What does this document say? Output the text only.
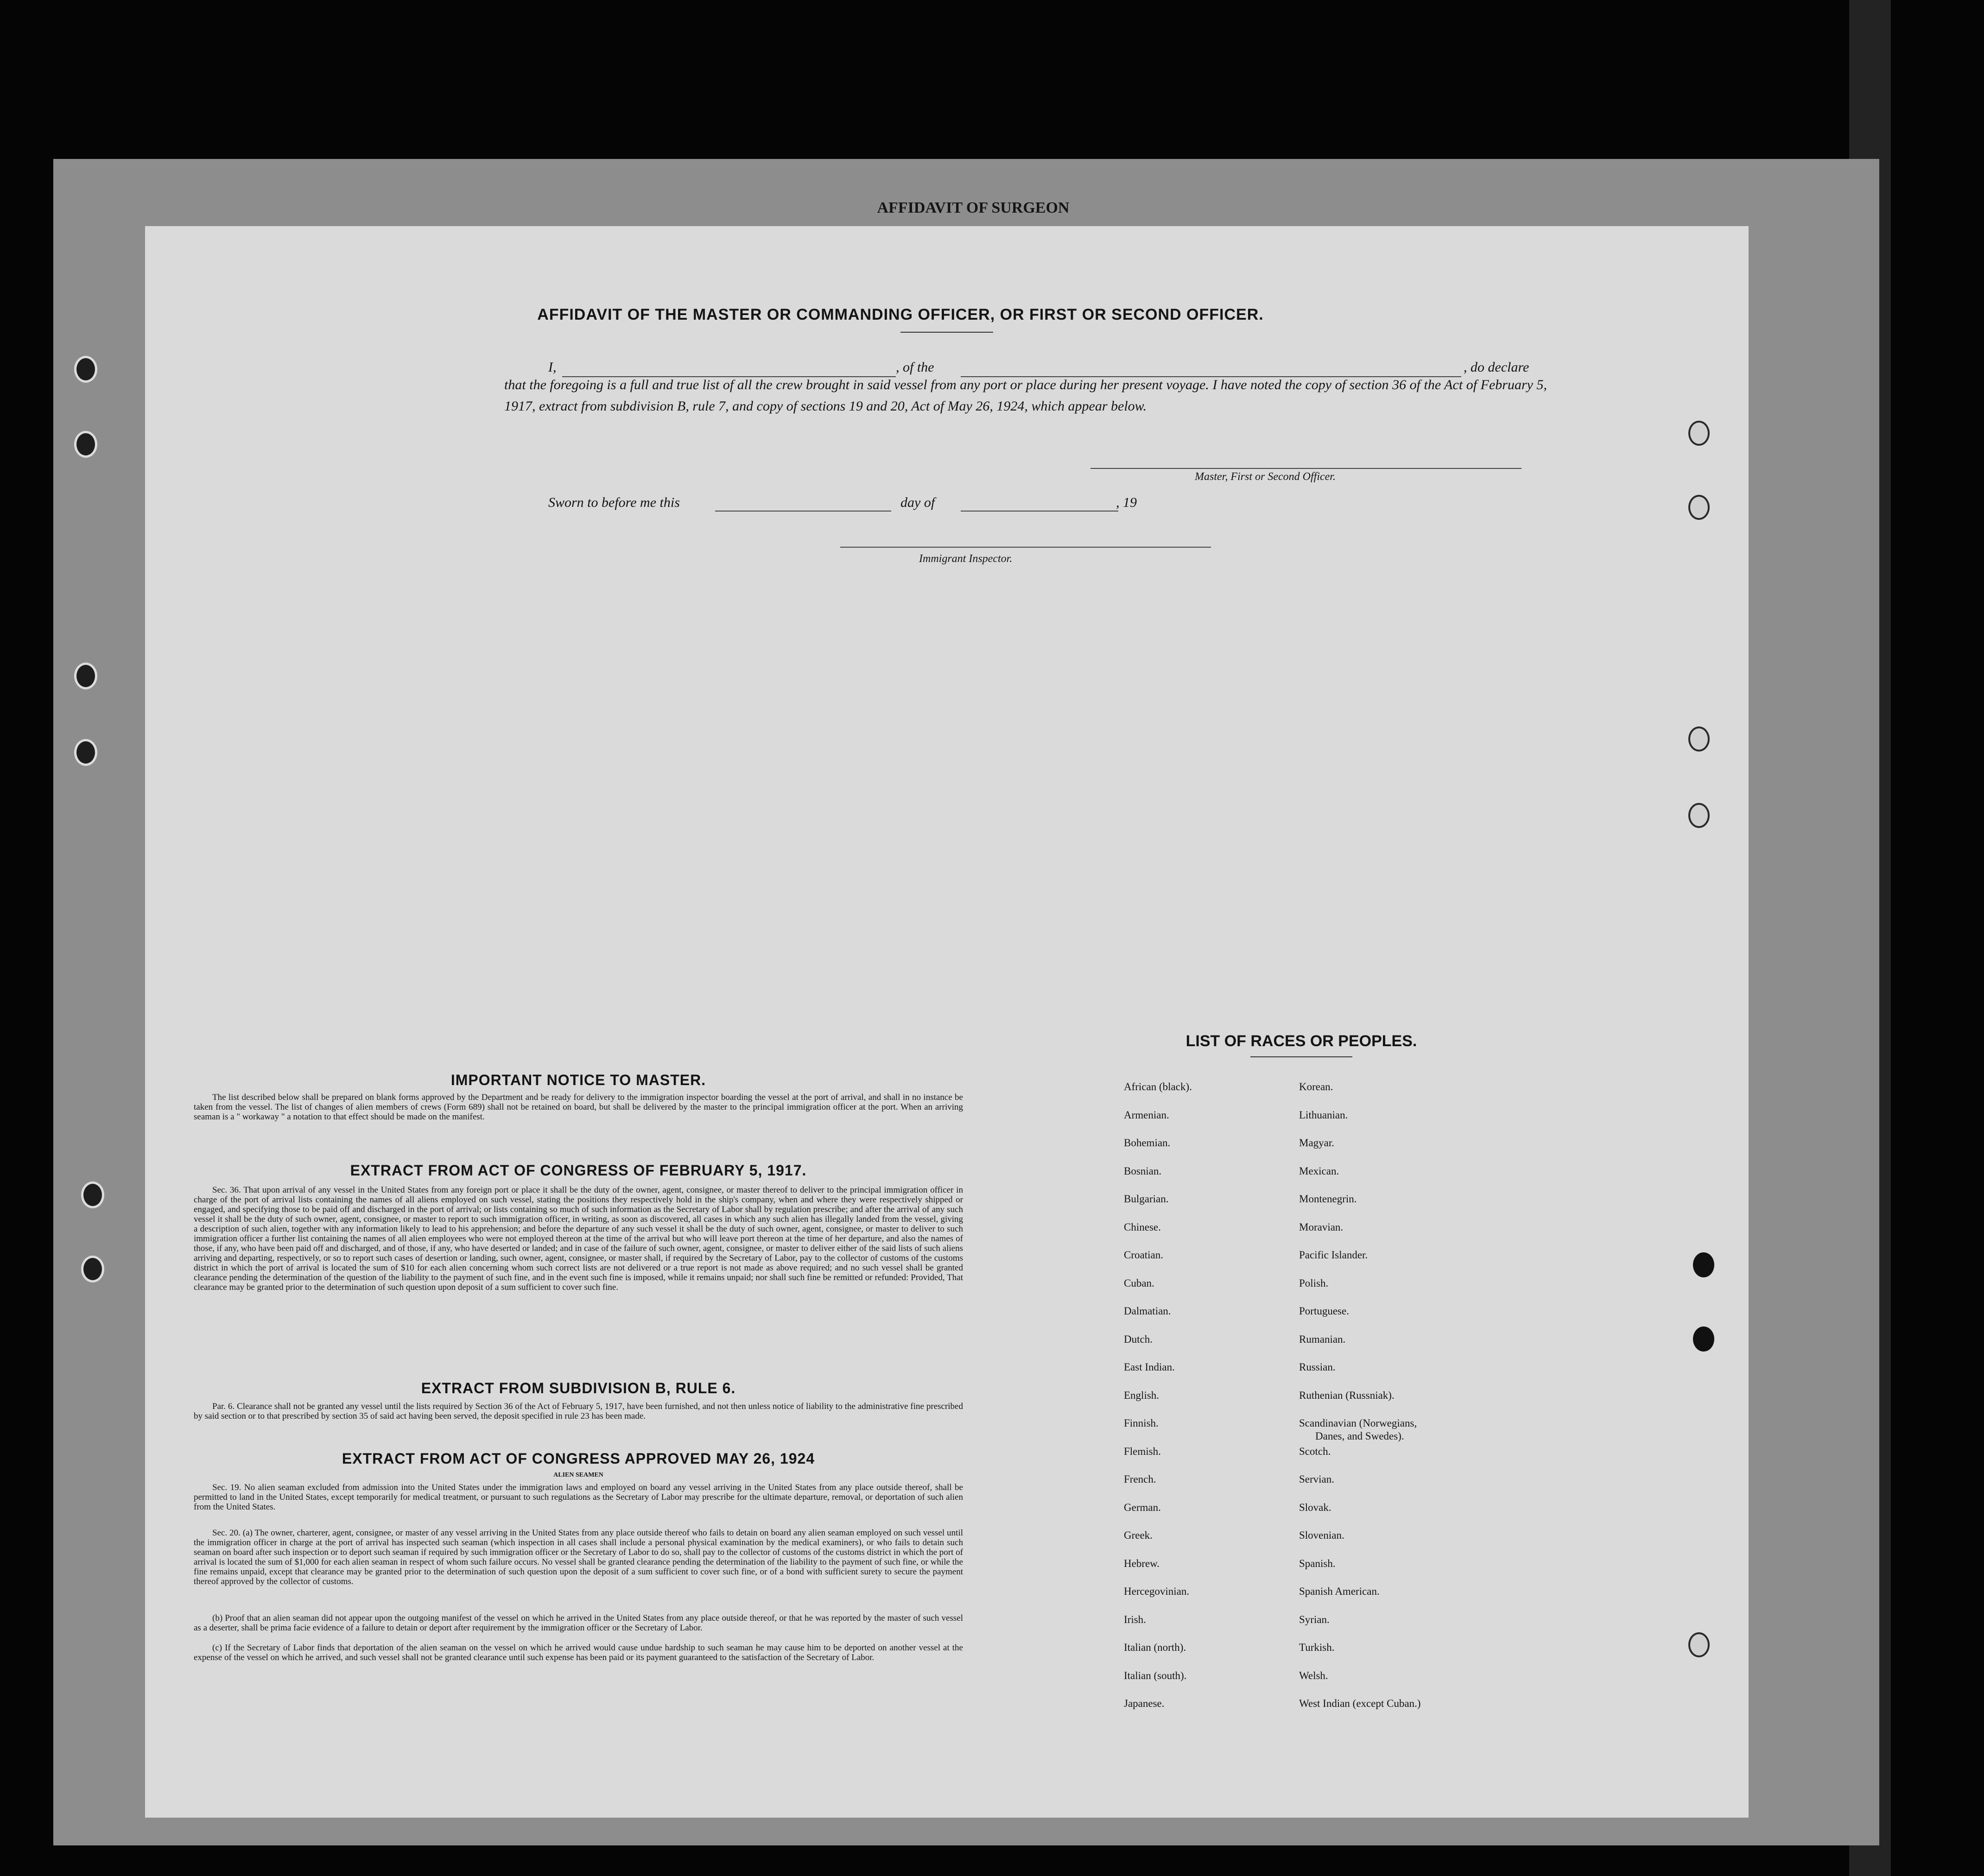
AFFIDAVIT OF SURGEON

AFFIDAVIT OF THE MASTER OR COMMANDING OFFICER, OR FIRST OR SECOND OFFICER.
I,	, of the	, do declare
that the foregoing is a full and true list of all the crew brought in said vessel from any port or place during her present voyage. I have noted the copy of section 36 of the Act of February 5, 1917, extract from subdivision B, rule 7, and copy of sections 19 and 20, Act of May 26, 1924, which appear below.
Master, First or Second Officer.
Sworn to before me this	day of	, 19
Immigrant Inspector.
IMPORTANT NOTICE TO MASTER.
The list described below shall be prepared on blank forms approved by the Department and be ready for delivery to the immigration inspector boarding the vessel at the port of arrival, and shall in no instance be taken from the vessel. The list of changes of alien members of crews (Form 689) shall not be retained on board, but shall be delivered by the master to the principal immigration officer at the port. When an arriving seaman is a " workaway " a notation to that effect should be made on the manifest.
EXTRACT FROM ACT OF CONGRESS OF FEBRUARY 5, 1917.
Sec. 36. That upon arrival of any vessel in the United States from any foreign port or place it shall be the duty of the owner, agent, consignee, or master thereof to deliver to the principal immigration officer in charge of the port of arrival lists containing the names of all aliens employed on such vessel, stating the positions they respectively hold in the ship's company, when and where they were respectively shipped or engaged, and specifying those to be paid off and discharged in the port of arrival; or lists containing so much of such information as the Secretary of Labor shall by regulation prescribe; and after the arrival of any such vessel it shall be the duty of such owner, agent, consignee, or master to report to such immigration officer, in writing, as soon as discovered, all cases in which any such alien has illegally landed from the vessel, giving a description of such alien, together with any information likely to lead to his apprehension; and before the departure of any such vessel it shall be the duty of such owner, agent, consignee, or master to deliver to such immigration officer a further list containing the names of all alien employees who were not employed thereon at the time of the arrival but who will leave port thereon at the time of her departure, and also the names of those, if any, who have been paid off and discharged, and of those, if any, who have deserted or landed; and in case of the failure of such owner, agent, consignee, or master to deliver either of the said lists of such aliens arriving and departing, respectively, or so to report such cases of desertion or landing, such owner, agent, consignee, or master shall, if required by the Secretary of Labor, pay to the collector of customs of the customs district in which the port of arrival is located the sum of $10 for each alien concerning whom such correct lists are not delivered or a true report is not made as above required; and no such vessel shall be granted clearance pending the determination of the question of the liability to the payment of such fine, and in the event such fine is imposed, while it remains unpaid; nor shall such fine be remitted or refunded: Provided, That clearance may be granted prior to the determination of such question upon deposit of a sum sufficient to cover such fine.
EXTRACT FROM SUBDIVISION B, RULE 6.
Par. 6. Clearance shall not be granted any vessel until the lists required by Section 36 of the Act of February 5, 1917, have been furnished, and not then unless notice of liability to the administrative fine prescribed by said section or to that prescribed by section 35 of said act having been served, the deposit specified in rule 23 has been made.
EXTRACT FROM ACT OF CONGRESS APPROVED MAY 26, 1924
ALIEN SEAMEN
Sec. 19. No alien seaman excluded from admission into the United States under the immigration laws and employed on board any vessel arriving in the United States from any place outside thereof, shall be permitted to land in the United States, except temporarily for medical treatment, or pursuant to such regulations as the Secretary of Labor may prescribe for the ultimate departure, removal, or deportation of such alien from the United States.
Sec. 20. (a) The owner, charterer, agent, consignee, or master of any vessel arriving in the United States from any place outside thereof who fails to detain on board any alien seaman employed on such vessel until the immigration officer in charge at the port of arrival has inspected such seaman (which inspection in all cases shall include a personal physical examination by the medical examiners), or who fails to detain such seaman on board after such inspection or to deport such seaman if required by such immigration officer or the Secretary of Labor to do so, shall pay to the collector of customs of the customs district in which the port of arrival is located the sum of $1,000 for each alien seaman in respect of whom such failure occurs. No vessel shall be granted clearance pending the determination of the liability to the payment of such fine, or while the fine remains unpaid, except that clearance may be granted prior to the determination of such question upon the deposit of a sum sufficient to cover such fine, or of a bond with sufficient surety to secure the payment thereof approved by the collector of customs.
(b) Proof that an alien seaman did not appear upon the outgoing manifest of the vessel on which he arrived in the United States from any place outside thereof, or that he was reported by the master of such vessel as a deserter, shall be prima facie evidence of a failure to detain or deport after requirement by the immigration officer or the Secretary of Labor.
(c) If the Secretary of Labor finds that deportation of the alien seaman on the vessel on which he arrived would cause undue hardship to such seaman he may cause him to be deported on another vessel at the expense of the vessel on which he arrived, and such vessel shall not be granted clearance until such expense has been paid or its payment guaranteed to the satisfaction of the Secretary of Labor.
LIST OF RACES OR PEOPLES.
African (black).
Armenian.
Bohemian.
Bosnian.
Bulgarian.
Chinese.
Croatian.
Cuban.
Dalmatian.
Dutch.
East Indian.
English.
Finnish.
Flemish.
French.
German.
Greek.
Hebrew.
Hercegovinian.
Irish.
Italian (north).
Italian (south).
Japanese.
Korean.
Lithuanian.
Magyar.
Mexican.
Montenegrin.
Moravian.
Pacific Islander.
Polish.
Portuguese.
Rumanian.
Russian.
Ruthenian (Russniak).
Scandinavian (Norwegians,
Danes, and Swedes).
Scotch.
Servian.
Slovak.
Slovenian.
Spanish.
Spanish American.
Syrian.
Turkish.
Welsh.
West Indian (except Cuban.)
